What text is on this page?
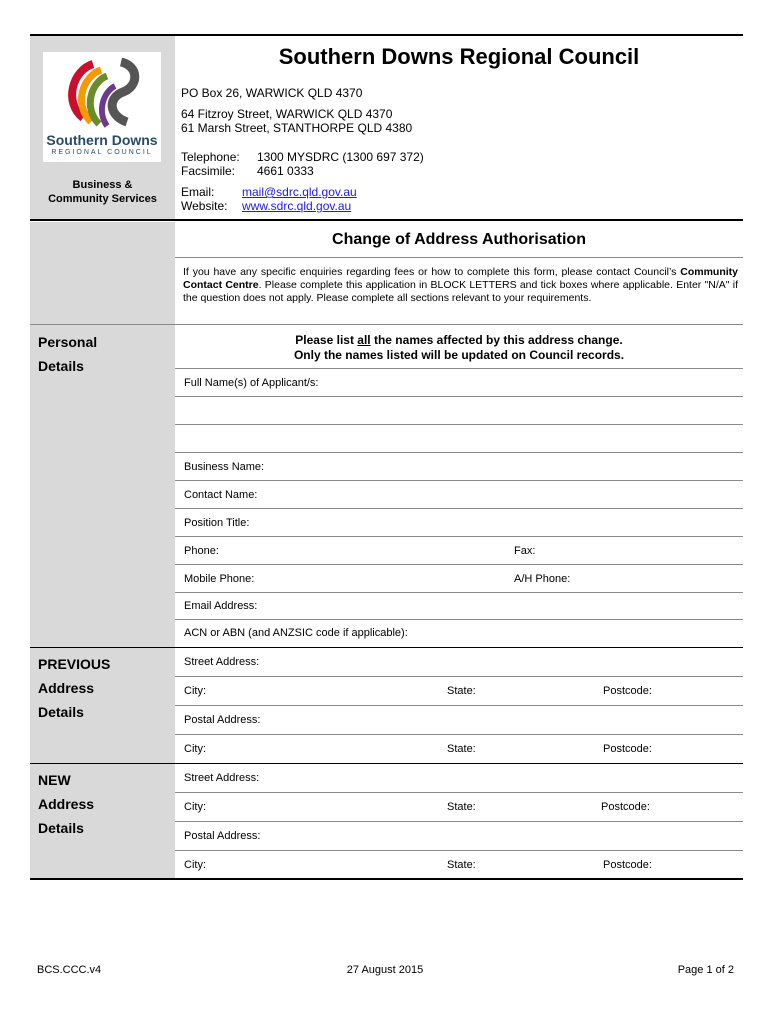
Southern Downs
REGIONAL COUNCIL
Business &
Community Services
Southern Downs Regional Council
PO Box 26, WARWICK QLD 4370
64 Fitzroy Street, WARWICK QLD 4370
61 Marsh Street, STANTHORPE QLD 4380
Telephone: 1300 MYSDRC (1300 697 372)
Facsimile: 4661 0333
Email: mail@sdrc.qld.gov.au
Website: www.sdrc.qld.gov.au
Change of Address Authorisation
If you have any specific enquiries regarding fees or how to complete this form, please contact Council’s Community Contact Centre. Please complete this application in BLOCK LETTERS and tick boxes where applicable. Enter "N/A" if the question does not apply. Please complete all sections relevant to your requirements.
Personal
Details
Please list all the names affected by this address change.
Only the names listed will be updated on Council records.
Full Name(s) of Applicant/s:
Business Name:
Contact Name:
Position Title:
Phone:	Fax:
Mobile Phone:	A/H Phone:
Email Address:
ACN or ABN (and ANZSIC code if applicable):
PREVIOUS
Address
Details
Street Address:
City:	State:	Postcode:
Postal Address:
City:	State:	Postcode:
NEW
Address
Details
Street Address:
City:	State:	Postcode:
Postal Address:
City:	State:	Postcode:
BCS.CCC.v4	27 August 2015	Page 1 of 2
